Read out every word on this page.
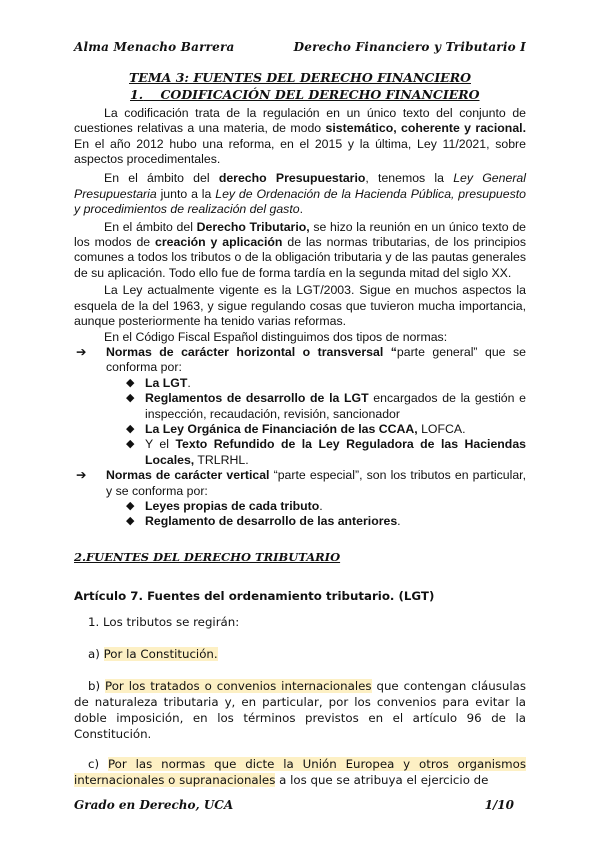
Alma Menacho Barrera	Derecho Financiero y Tributario I
TEMA 3: FUENTES DEL DERECHO FINANCIERO
1. CODIFICACIÓN DEL DERECHO FINANCIERO

La codificación trata de la regulación en un único texto del conjunto de cuestiones relativas a una materia, de modo sistemático, coherente y racional. En el año 2012 hubo una reforma, en el 2015 y la última, Ley 11/2021, sobre aspectos procedimentales.

En el ámbito del derecho Presupuestario, tenemos la Ley General Presupuestaria junto a la Ley de Ordenación de la Hacienda Pública, presupuesto y procedimientos de realización del gasto.

En el ámbito del Derecho Tributario, se hizo la reunión en un único texto de los modos de creación y aplicación de las normas tributarias, de los principios comunes a todos los tributos o de la obligación tributaria y de las pautas generales de su aplicación. Todo ello fue de forma tardía en la segunda mitad del siglo XX.

La Ley actualmente vigente es la LGT/2003. Sigue en muchos aspectos la esquela de la del 1963, y sigue regulando cosas que tuvieron mucha importancia, aunque posteriormente ha tenido varias reformas.

En el Código Fiscal Español distinguimos dos tipos de normas:

➔	Normas de carácter horizontal o transversal “parte general” que se conforma por:
◆ La LGT.
◆ Reglamentos de desarrollo de la LGT encargados de la gestión e inspección, recaudación, revisión, sancionador
◆ La Ley Orgánica de Financiación de las CCAA, LOFCA.
◆ Y el Texto Refundido de la Ley Reguladora de las Haciendas Locales, TRLRHL.
➔	Normas de carácter vertical “parte especial”, son los tributos en particular, y se conforma por:
◆ Leyes propias de cada tributo.
◆ Reglamento de desarrollo de las anteriores.
2.FUENTES DEL DERECHO TRIBUTARIO
Artículo 7. Fuentes del ordenamiento tributario. (LGT)

1. Los tributos se regirán:

a) Por la Constitución.

b) Por los tratados o convenios internacionales que contengan cláusulas de naturaleza tributaria y, en particular, por los convenios para evitar la doble imposición, en los términos previstos en el artículo 96 de la Constitución.

c) Por las normas que dicte la Unión Europea y otros organismos internacionales o supranacionales a los que se atribuya el ejercicio de

Grado en Derecho, UCA	1/10
